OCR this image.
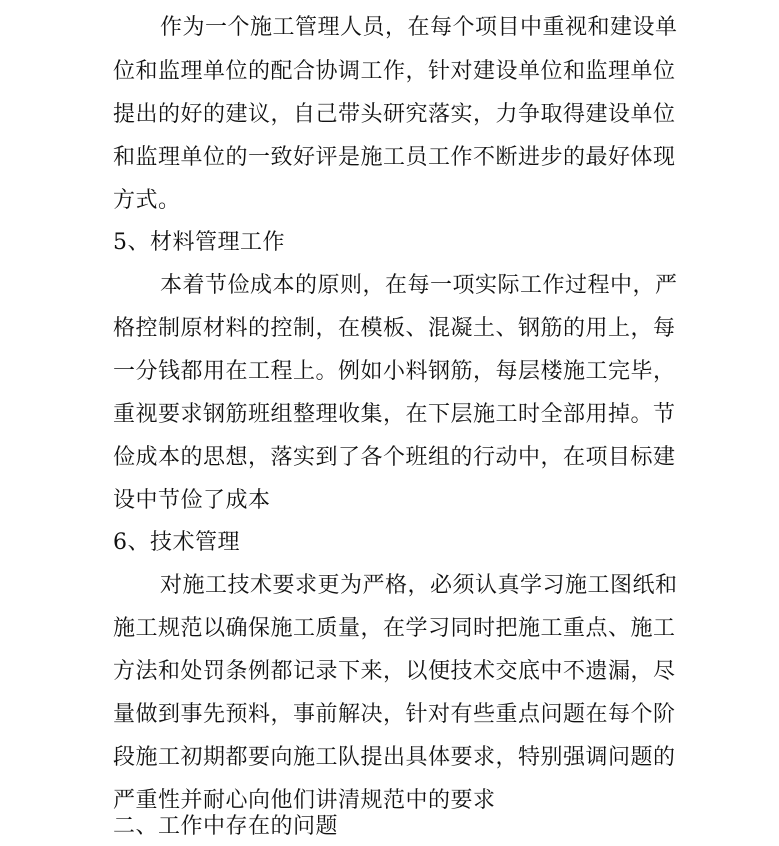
作为一个施工管理人员，在每个项目中重视和建设单
位和监理单位的配合协调工作，针对建设单位和监理单位
提出的好的建议，自己带头研究落实，力争取得建设单位
和监理单位的一致好评是施工员工作不断进步的最好体现
方式。
5、材料管理工作
本着节俭成本的原则，在每一项实际工作过程中，严
格控制原材料的控制，在模板、混凝土、钢筋的用上，每
一分钱都用在工程上。例如小料钢筋，每层楼施工完毕，
重视要求钢筋班组整理收集，在下层施工时全部用掉。节
俭成本的思想，落实到了各个班组的行动中，在项目标建
设中节俭了成本
6、技术管理
对施工技术要求更为严格，必须认真学习施工图纸和
施工规范以确保施工质量，在学习同时把施工重点、施工
方法和处罚条例都记录下来，以便技术交底中不遗漏，尽
量做到事先预料，事前解决，针对有些重点问题在每个阶
段施工初期都要向施工队提出具体要求，特别强调问题的
严重性并耐心向他们讲清规范中的要求
二、工作中存在的问题
